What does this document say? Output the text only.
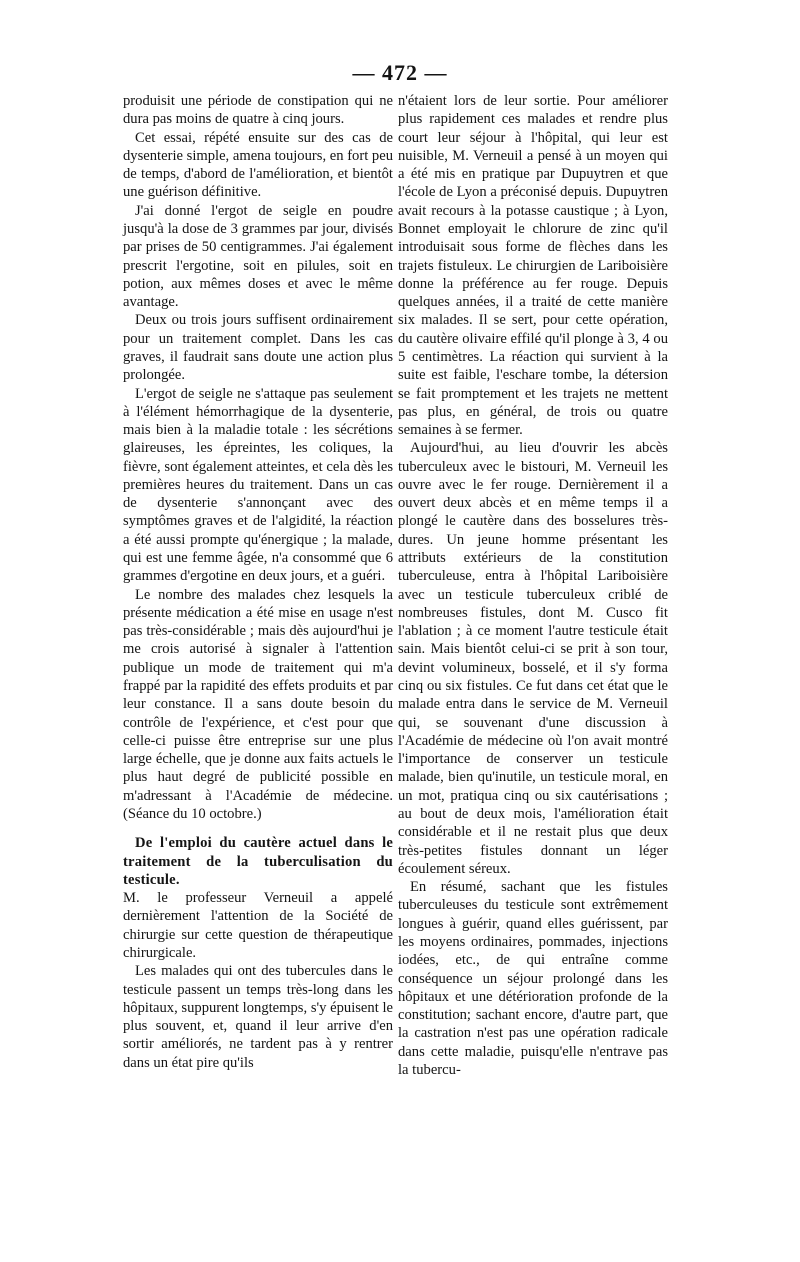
— 472 —

produisit une période de constipation qui ne dura pas moins de quatre à cinq jours.

Cet essai, répété ensuite sur des cas de dysenterie simple, amena toujours, en fort peu de temps, d'abord de l'amélioration, et bientôt une guérison définitive.

J'ai donné l'ergot de seigle en poudre jusqu'à la dose de 3 grammes par jour, divisés par prises de 50 centigrammes. J'ai également prescrit l'ergotine, soit en pilules, soit en potion, aux mêmes doses et avec le même avantage.

Deux ou trois jours suffisent ordinairement pour un traitement complet. Dans les cas graves, il faudrait sans doute une action plus prolongée.

L'ergot de seigle ne s'attaque pas seulement à l'élément hémorrhagique de la dysenterie, mais bien à la maladie totale : les sécrétions glaireuses, les épreintes, les coliques, la fièvre, sont également atteintes, et cela dès les premières heures du traitement. Dans un cas de dysenterie s'annonçant avec des symptômes graves et de l'algidité, la réaction a été aussi prompte qu'énergique ; la malade, qui est une femme âgée, n'a consommé que 6 grammes d'ergotine en deux jours, et a guéri.

Le nombre des malades chez lesquels la présente médication a été mise en usage n'est pas très-considérable ; mais dès aujourd'hui je me crois autorisé à signaler à l'attention publique un mode de traitement qui m'a frappé par la rapidité des effets produits et par leur constance. Il a sans doute besoin du contrôle de l'expérience, et c'est pour que celle-ci puisse être entreprise sur une plus large échelle, que je donne aux faits actuels le plus haut degré de publicité possible en m'adressant à l'Académie de médecine. (Séance du 10 octobre.)

De l'emploi du cautère actuel dans le traitement de la tuberculisation du testicule.

M. le professeur Verneuil a appelé dernièrement l'attention de la Société de chirurgie sur cette question de thérapeutique chirurgicale.

Les malades qui ont des tubercules dans le testicule passent un temps très-long dans les hôpitaux, suppurent longtemps, s'y épuisent le plus souvent, et, quand il leur arrive d'en sortir améliorés, ne tardent pas à y rentrer dans un état pire qu'ils

n'étaient lors de leur sortie. Pour améliorer plus rapidement ces malades et rendre plus court leur séjour à l'hôpital, qui leur est nuisible, M. Verneuil a pensé à un moyen qui a été mis en pratique par Dupuytren et que l'école de Lyon a préconisé depuis. Dupuytren avait recours à la potasse caustique ; à Lyon, Bonnet employait le chlorure de zinc qu'il introduisait sous forme de flèches dans les trajets fistuleux. Le chirurgien de Lariboisière donne la préférence au fer rouge. Depuis quelques années, il a traité de cette manière six malades. Il se sert, pour cette opération, du cautère olivaire effilé qu'il plonge à 3, 4 ou 5 centimètres. La réaction qui survient à la suite est faible, l'eschare tombe, la détersion se fait promptement et les trajets ne mettent pas plus, en général, de trois ou quatre semaines à se fermer.

Aujourd'hui, au lieu d'ouvrir les abcès tuberculeux avec le bistouri, M. Verneuil les ouvre avec le fer rouge. Dernièrement il a ouvert deux abcès et en même temps il a plongé le cautère dans des bosselures très-dures. Un jeune homme présentant les attributs extérieurs de la constitution tuberculeuse, entra à l'hôpital Lariboisière avec un testicule tuberculeux criblé de nombreuses fistules, dont M. Cusco fit l'ablation ; à ce moment l'autre testicule était sain. Mais bientôt celui-ci se prit à son tour, devint volumineux, bosselé, et il s'y forma cinq ou six fistules. Ce fut dans cet état que le malade entra dans le service de M. Verneuil qui, se souvenant d'une discussion à l'Académie de médecine où l'on avait montré l'importance de conserver un testicule malade, bien qu'inutile, un testicule moral, en un mot, pratiqua cinq ou six cautérisations ; au bout de deux mois, l'amélioration était considérable et il ne restait plus que deux très-petites fistules donnant un léger écoulement séreux.

En résumé, sachant que les fistules tuberculeuses du testicule sont extrêmement longues à guérir, quand elles guérissent, par les moyens ordinaires, pommades, injections iodées, etc., de qui entraîne comme conséquence un séjour prolongé dans les hôpitaux et une détérioration profonde de la constitution; sachant encore, d'autre part, que la castration n'est pas une opération radicale dans cette maladie, puisqu'elle n'entrave pas la tubercu-
